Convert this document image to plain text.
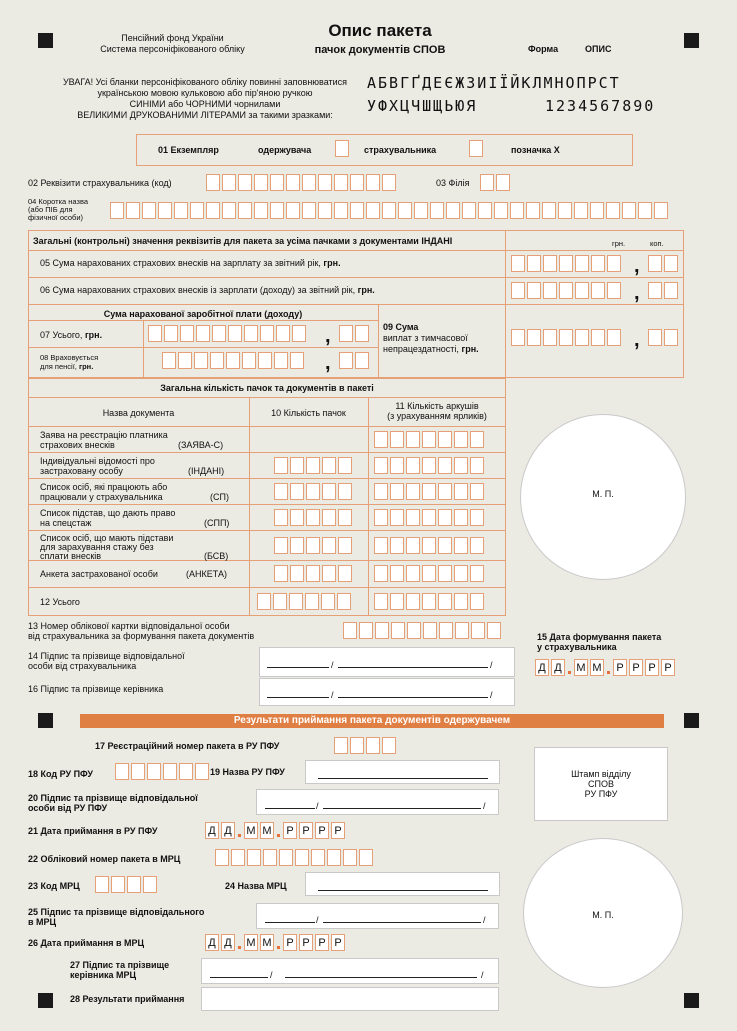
Пенсійний фонд України
Система персоніфікованого обліку
Опис пакета
пачок документів СПОВ	Форма	ОПИС
УВАГА! Усі бланки персоніфікованого обліку повинні заповнюватися
українською мовою кульковою або пір'яною ручкою
СИНІМИ або ЧОРНИМИ чорнилами
ВЕЛИКИМИ ДРУКОВАНИМИ ЛІТЕРАМИ за такими зразками:
АБВГҐДЕЄЖЗИІЇЙКЛМНОПРСТ
УФХЦЧШЩЬЮЯ	1234567890
01 Екземпляр	одержувача	страхувальника	позначка Х
02 Реквізити страхувальника (код)	03 Філія
04 Коротка назва
(або ПІБ для
фізичної особи)
Загальні (контрольні) значення реквізитів для пакета за усіма пачками з документами ІНДАНІ	грн.	коп.
05 Сума нарахованих страхових внесків на зарплату за звітний рік, грн.	,
06 Сума нарахованих страхових внесків із зарплати (доходу) за звітний рік, грн.	,
Сума нарахованої заробітної плати (доходу)
07 Усього, грн.	,
08 Враховується
для пенсії, грн.	,
09 Сума
виплат з тимчасової
непрацездатності, грн.	,
Загальна кількість пачок та документів в пакеті
Назва документа	10 Кількість пачок
11 Кількість аркушів
(з урахуванням ярликів)
Заява на реєстрацію платника
страхових внесків	(ЗАЯВА-С)
Індивідуальні відомості про
застраховану особу	(ІНДАНІ)
Список осіб, які працюють або
працювали у страхувальника	(СП)
Список підстав, що дають право
на спецстаж	(СПП)
Список осіб, що мають підстави
для зарахування стажу без
сплати внесків	(БСВ)
Анкета застрахованої особи	(АНКЕТА)
12 Усього
М. П.
13 Номер облікової картки відповідальної особи
від страхувальника за формування пакета документів
14 Підпис та прізвище відповідальної
особи від страхувальника	/	/
15 Дата формування пакета
у страхувальника
Д Д М М	Р Р Р Р
16 Підпис та прізвище керівника
/	/
Результати приймання пакета документів одержувачем
17 Реєстраційний номер пакета в РУ ПФУ
18 Код РУ ПФУ	19 Назва РУ ПФУ	Штамп відділу
СПОВ
РУ ПФУ
20 Підпис та прізвище відповідальної
особи від РУ ПФУ	/	/
21 Дата приймання в РУ ПФУ	Д Д М М	Р Р Р Р
22 Обліковий номер пакета в МРЦ
23 Код МРЦ	24 Назва МРЦ
М. П.
25 Підпис та прізвище відповідального
в МРЦ	/	/
26 Дата приймання в МРЦ	Д Д М М	Р Р Р Р
27 Підпис та прізвище
керівника МРЦ	/	/
28 Результати приймання
